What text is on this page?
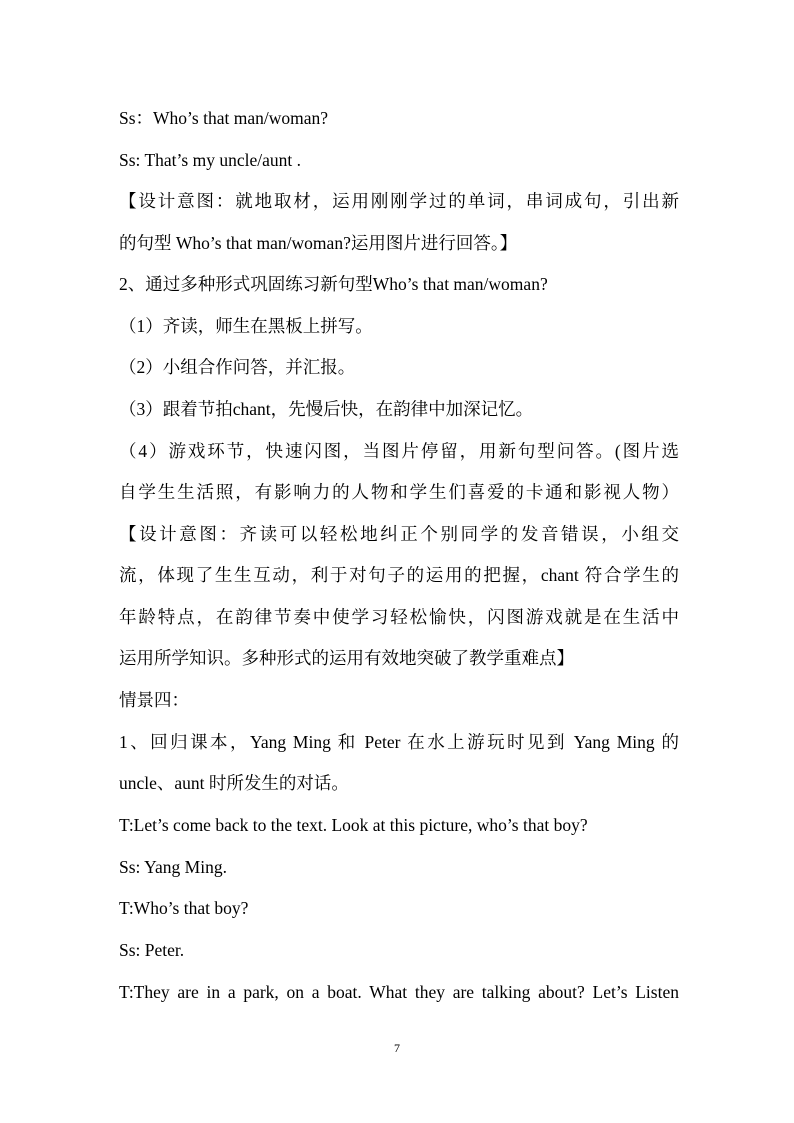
Ss：Who’s that man/woman?
Ss: That’s my uncle/aunt .
【设计意图：就地取材，运用刚刚学过的单词，串词成句，引出新
的句型 Who’s that man/woman?运用图片进行回答。】
2、通过多种形式巩固练习新句型Who’s that man/woman?
（1）齐读，师生在黑板上拼写。
（2）小组合作问答，并汇报。
（3）跟着节拍chant，先慢后快，在韵律中加深记忆。
（4）游戏环节，快速闪图，当图片停留，用新句型问答。(图片选
自学生生活照，有影响力的人物和学生们喜爱的卡通和影视人物）
【设计意图：齐读可以轻松地纠正个别同学的发音错误，小组交
流，体现了生生互动，利于对句子的运用的把握，chant 符合学生的
年龄特点，在韵律节奏中使学习轻松愉快，闪图游戏就是在生活中
运用所学知识。多种形式的运用有效地突破了教学重难点】
情景四：
1、回归课本，Yang Ming 和 Peter 在水上游玩时见到 Yang Ming 的
uncle、aunt 时所发生的对话。
T:Let’s come back to the text. Look at this picture, who’s that boy?
Ss: Yang Ming.
T:Who’s that boy?
Ss: Peter.
T:They are in a park, on a boat. What they are talking about? Let’s Listen
7
